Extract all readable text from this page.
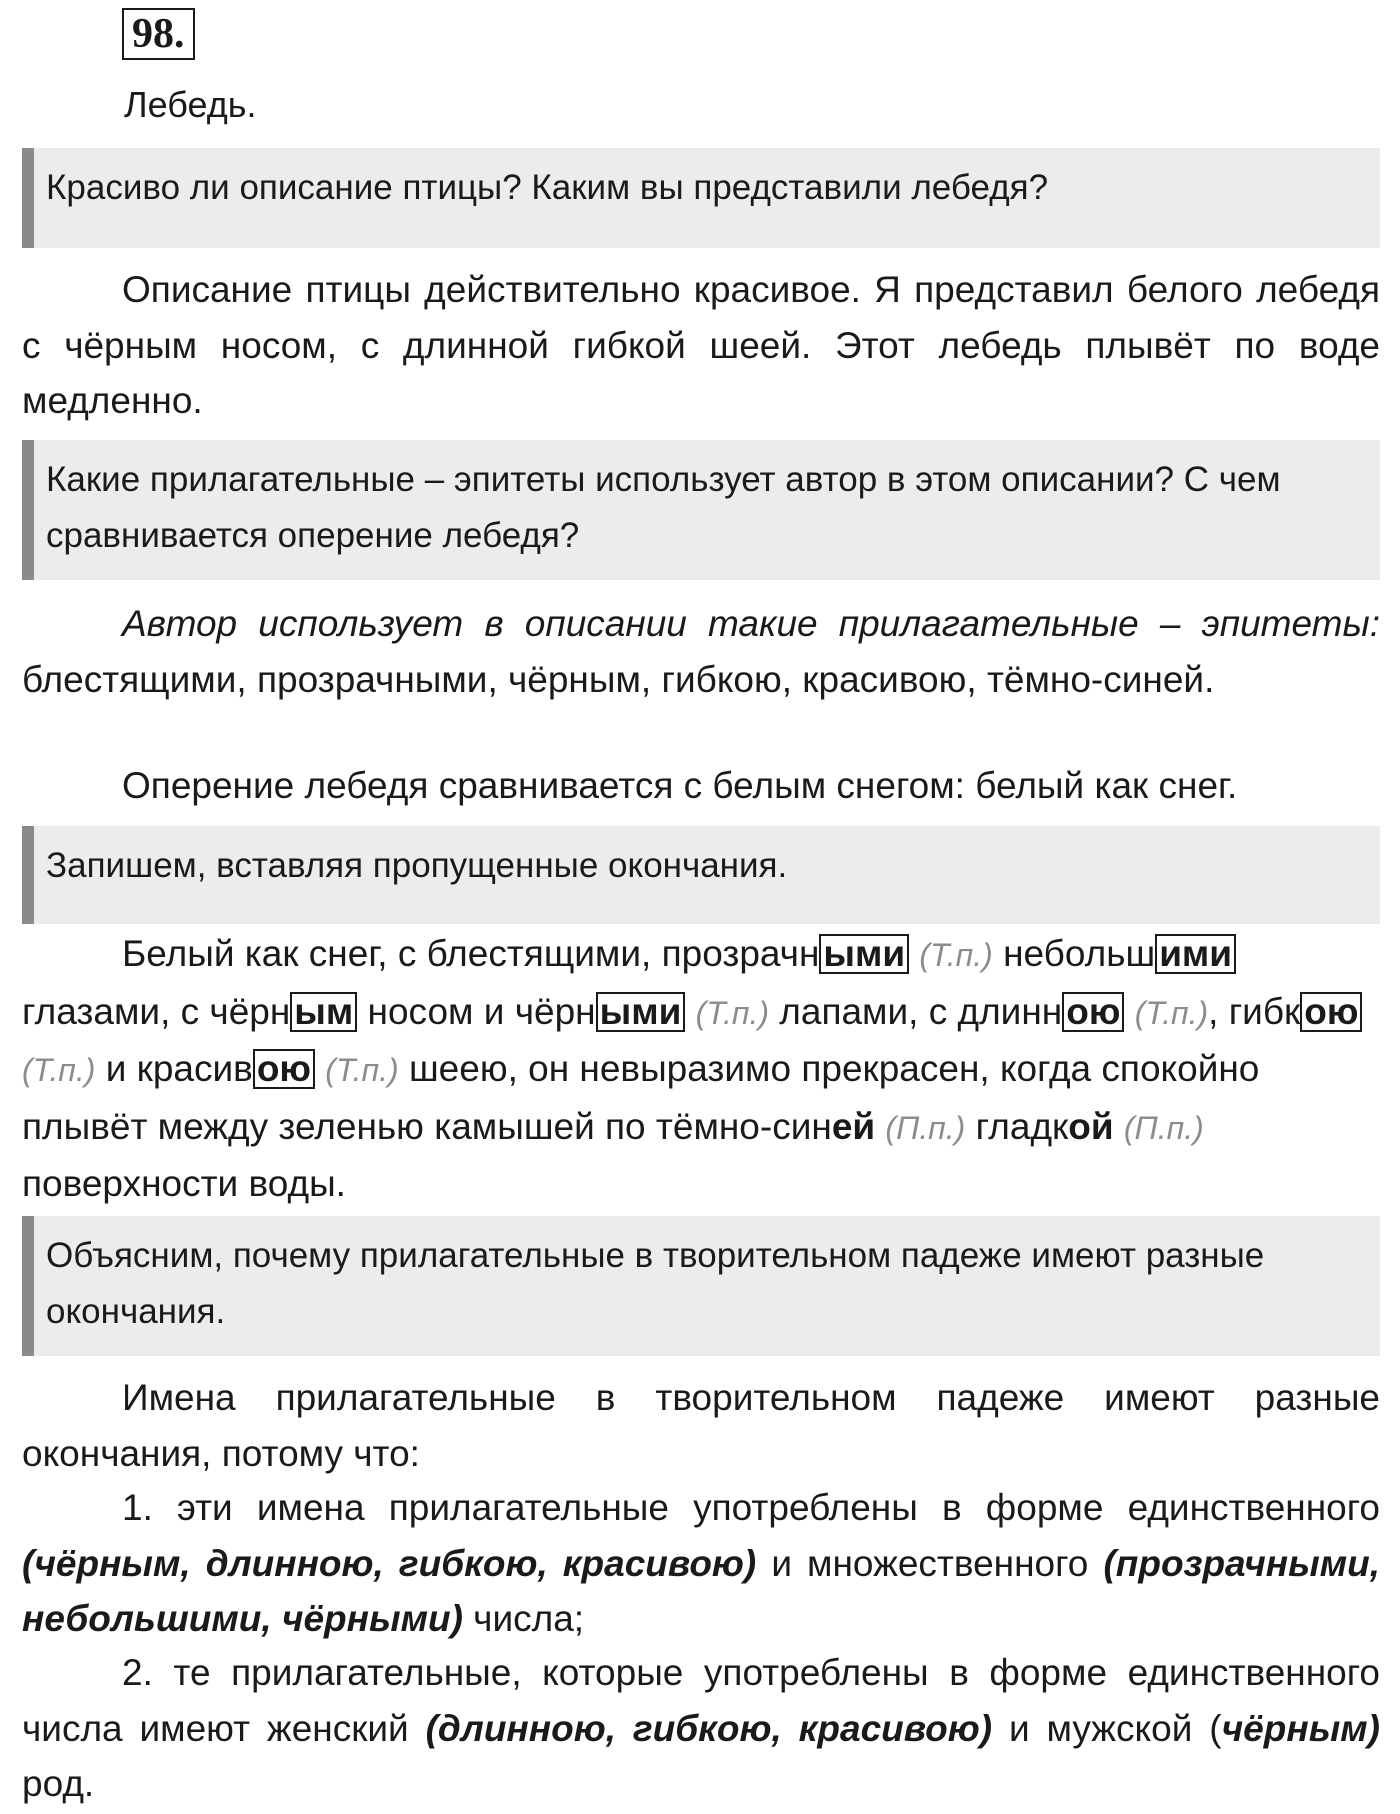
98.
Лебедь.
Красиво ли описание птицы? Каким вы представили лебедя?
Описание птицы действительно красивое. Я представил белого лебедя с чёрным носом, с длинной гибкой шеей. Этот лебедь плывёт по воде медленно.
Какие прилагательные – эпитеты использует автор в этом описании? С чем сравнивается оперение лебедя?
Автор использует в описании такие прилагательные – эпитеты: блестящими, прозрачными, чёрным, гибкою, красивою, тёмно-синей.
Оперение лебедя сравнивается с белым снегом: белый как снег.
Запишем, вставляя пропущенные окончания.
Белый как снег, с блестящими, прозрачн ыми (Т.п.) небольш ими глазами, с чёрн ым носом и чёрн ыми (Т.п.) лапами, с длинн ою (Т.п.), гибк ою (Т.п.) и красив ою (Т.п.) шеею, он невыразимо прекрасен, когда спокойно плывёт между зеленью камышей по тёмно-синей (П.п.) гладкой (П.п.) поверхности воды.
Объясним, почему прилагательные в творительном падеже имеют разные окончания.
Имена прилагательные в творительном падеже имеют разные окончания, потому что:
1. эти имена прилагательные употреблены в форме единственного (чёрным, длинною, гибкою, красивою) и множественного (прозрачными, небольшими, чёрными) числа;
2. те прилагательные, которые употреблены в форме единственного числа имеют женский (длинною, гибкою, красивою) и мужской (чёрным) род.
